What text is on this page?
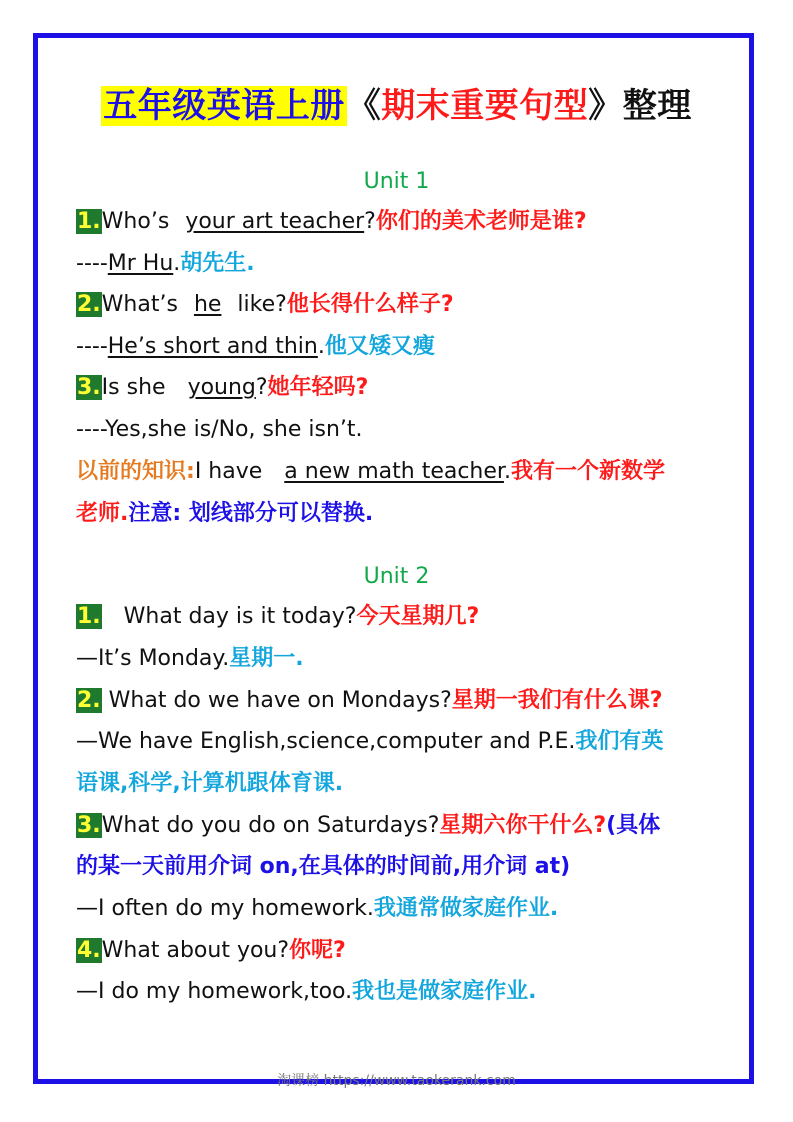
五年级英语上册《期末重要句型》整理
Unit 1
1.Who’s your art teacher?你们的美术老师是谁?
----Mr Hu.胡先生.
2.What’s he like?他长得什么样子?
----He’s short and thin.他又矮又瘦
3.Is she young?她年轻吗?
----Yes,she is/No, she isn’t.
以前的知识:I have a new math teacher.我有一个新数学
老师.注意: 划线部分可以替换.
Unit 2
1. What day is it today?今天星期几?
—It’s Monday.星期一.
2. What do we have on Mondays?星期一我们有什么课?
—We have English,science,computer and P.E.我们有英
语课,科学,计算机跟体育课.
3.What do you do on Saturdays?星期六你干什么?(具体
的某一天前用介词 on,在具体的时间前,用介词 at)
—I often do my homework.我通常做家庭作业.
4.What about you?你呢?
—I do my homework,too.我也是做家庭作业.
淘课榜 https://www.taokerank.com
